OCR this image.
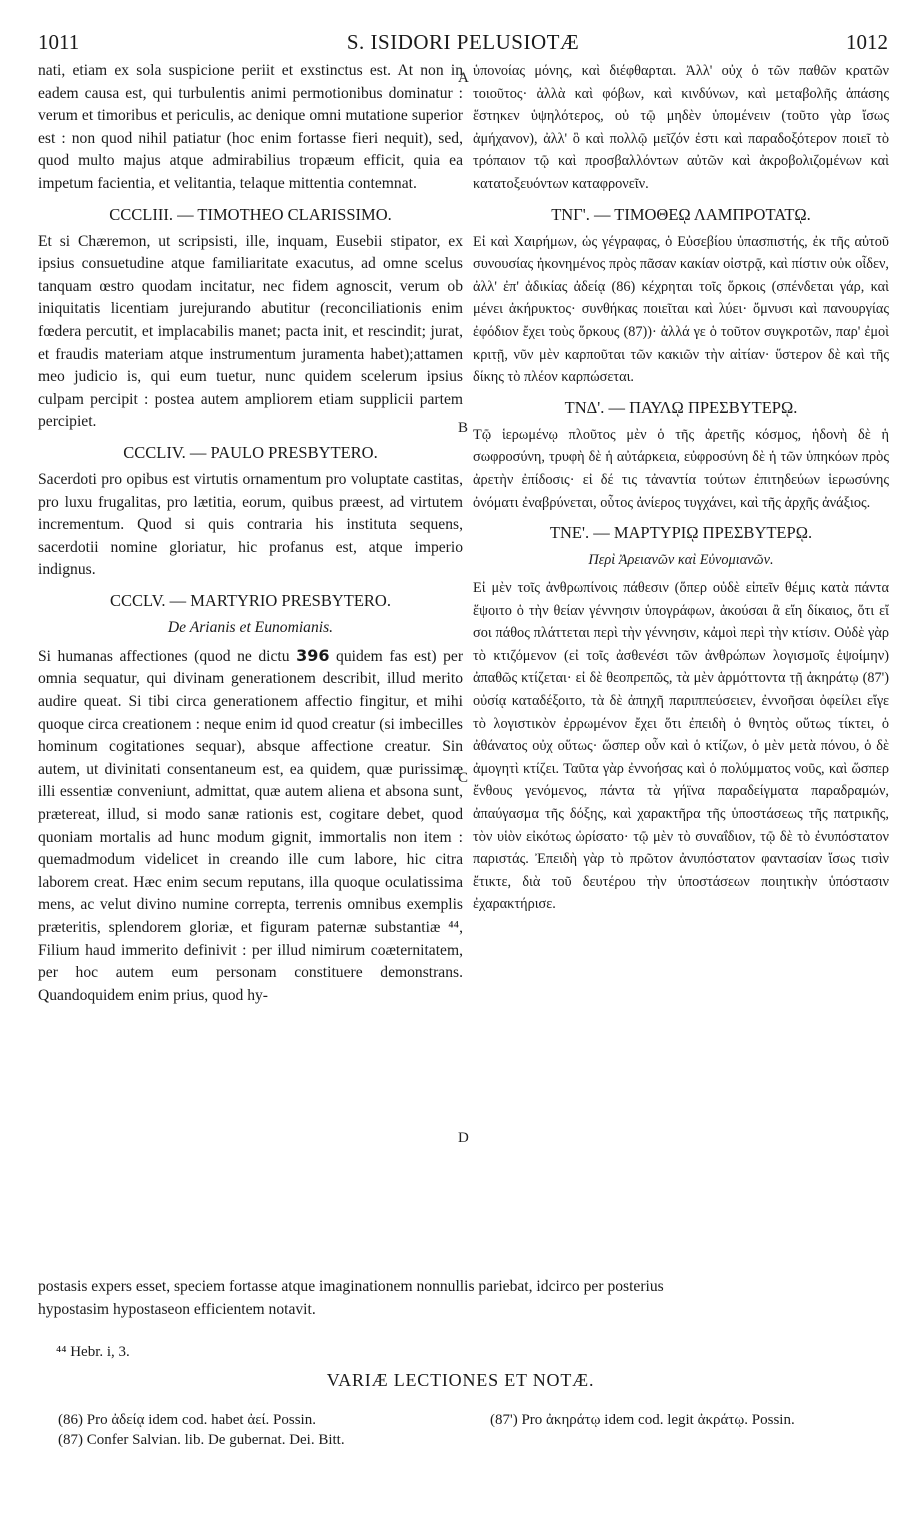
1011	S. ISIDORI PELUSIOTÆ	1012

nati, etiam ex sola suspicione periit et exstinctus est. At non in eadem causa est, qui turbulentis animi permotionibus dominatur : verum et timoribus et periculis, ac denique omni mutatione superior est : non quod nihil patiatur (hoc enim fortasse fieri nequit), sed, quod multo majus atque admirabilius tropæum efficit, quia ea impetum facientia, et velitantia, telaque mittentia contemnat.

CCCLIII. — TIMOTHEO CLARISSIMO.

Et si Chæremon, ut scripsisti, ille, inquam, Eusebii stipator, ex ipsius consuetudine atque familiaritate exacutus, ad omne scelus tanquam œstro quodam incitatur, nec fidem agnoscit, verum ob iniquitatis licentiam jurejurando abutitur (reconciliationis enim fœdera percutit, et implacabilis manet; pacta init, et rescindit; jurat, et fraudis materiam atque instrumentum juramenta habet);attamen meo judicio is, qui eum tuetur, nunc quidem scelerum ipsius culpam percipit : postea autem ampliorem etiam supplicii partem percipiet.

CCCLIV. — PAULO PRESBYTERO.

Sacerdoti pro opibus est virtutis ornamentum pro voluptate castitas, pro luxu frugalitas, pro lætitia, eorum, quibus præest, ad virtutem incrementum. Quod si quis contraria his instituta sequens, sacerdotii nomine gloriatur, hic profanus est, atque imperio indignus.

CCCLV. — MARTYRIO PRESBYTERO.

De Arianis et Eunomianis.

Si humanas affectiones (quod ne dictu 396 quidem fas est) per omnia sequatur, qui divinam generationem describit, illud merito audire queat. Si tibi circa generationem affectio fingitur, et mihi quoque circa creationem : neque enim id quod creatur (si imbecilles hominum cogitationes sequar), absque affectione creatur. Sin autem, ut divinitati consentaneum est, ea quidem, quæ purissimæ illi essentiæ conveniunt, admittat, quæ autem aliena et absona sunt, prætereat, illud, si modo sanæ rationis est, cogitare debet, quod quoniam mortalis ad hunc modum gignit, immortalis non item : quemadmodum videlicet in creando ille cum labore, hic citra laborem creat. Hæc enim secum reputans, illa quoque oculatissima mens, ac velut divino numine correpta, terrenis omnibus exemplis præteritis, splendorem gloriæ, et figuram paternæ substantiæ ⁴⁴, Filium haud immerito definivit : per illud nimirum coæternitatem, per hoc autem eum personam constituere demonstrans. Quandoquidem enim prius, quod hy-

ὑπονοίας μόνης, καὶ διέφθαρται. Ἀλλ' οὐχ ὁ τῶν παθῶν κρατῶν τοιοῦτος· ἀλλὰ καὶ φόβων, καὶ κινδύνων, καὶ μεταβολῆς ἁπάσης ἕστηκεν ὑψηλότερος, οὐ τῷ μηδὲν ὑπομένειν (τοῦτο γὰρ ἴσως ἀμήχανον), ἀλλ' ὃ καὶ πολλῷ μεῖζόν ἐστι καὶ παραδοξότερον ποιεῖ τὸ τρόπαιον τῷ καὶ προσβαλλόντων αὐτῶν καὶ ἀκροβολιζομένων καὶ κατατοξευόντων καταφρονεῖν.

ΤΝΓ'. — ΤΙΜΟΘΕῼ ΛΑΜΠΡΟΤΑΤῼ.

Εἰ καὶ Χαιρήμων, ὡς γέγραφας, ὁ Εὐσεβίου ὑπασπιστής, ἐκ τῆς αὐτοῦ συνουσίας ἠκονημένος πρὸς πᾶσαν κακίαν οἰστρᾷ, καὶ πίστιν οὐκ οἶδεν, ἀλλ' ἐπ' ἀδικίας ἀδείᾳ (86) κέχρηται τοῖς ὅρκοις (σπένδεται γάρ, καὶ μένει ἀκήρυκτος· συνθήκας ποιεῖται καὶ λύει· ὄμνυσι καὶ πανουργίας ἐφόδιον ἔχει τοὺς ὅρκους (87))· ἀλλά γε ὁ τοῦτον συγκροτῶν, παρ' ἐμοὶ κριτῇ, νῦν μὲν καρποῦται τῶν κακιῶν τὴν αἰτίαν· ὕστερον δὲ καὶ τῆς δίκης τὸ πλέον καρπώσεται.

ΤΝΔ'. — ΠΑΥΛῼ ΠΡΕΣΒΥΤΕΡῼ.

Τῷ ἱερωμένῳ πλοῦτος μὲν ὁ τῆς ἀρετῆς κόσμος, ἡδονὴ δὲ ἡ σωφροσύνη, τρυφὴ δὲ ἡ αὐτάρκεια, εὐφροσύνη δὲ ἡ τῶν ὑπηκόων πρὸς ἀρετὴν ἐπίδοσις· εἰ δέ τις τἀναντία τούτων ἐπιτηδεύων ἱερωσύνης ὀνόματι ἐναβρύνεται, οὗτος ἀνίερος τυγχάνει, καὶ τῆς ἀρχῆς ἀνάξιος.

ΤΝΕ'. — ΜΑΡΤΥΡΙῼ ΠΡΕΣΒΥΤΕΡῼ.

Περὶ Ἀρειανῶν καὶ Εὐνομιανῶν.

Εἰ μὲν τοῖς ἀνθρωπίνοις πάθεσιν (ὅπερ οὐδὲ εἰπεῖν θέμις κατὰ πάντα ἕψοιτο ὁ τὴν θείαν γέννησιν ὑπογράφων, ἀκούσαι ἂ εἴη δίκαιος, ὅτι εἴ σοι πάθος πλάττεται περὶ τὴν γέννησιν, κἀμοὶ περὶ τὴν κτίσιν. Οὐδὲ γὰρ τὸ κτιζόμενον (εἰ τοῖς ἀσθενέσι τῶν ἀνθρώπων λογισμοῖς ἑψοίμην) ἀπαθῶς κτίζεται· εἰ δὲ θεοπρεπῶς, τὰ μὲν ἁρμόττοντα τῇ ἀκηράτῳ (87') οὐσίᾳ καταδέξοιτο, τὰ δὲ ἀπηχῆ παριππεύσειεν, ἐννοῆσαι ὀφείλει εἴγε τὸ λογιστικὸν ἐρρωμένον ἔχει ὅτι ἐπειδὴ ὁ θνητὸς οὕτως τίκτει, ὁ ἀθάνατος οὐχ οὕτως· ὥσπερ οὖν καὶ ὁ κτίζων, ὁ μὲν μετὰ πόνου, ὁ δὲ ἀμογητὶ κτίζει. Ταῦτα γὰρ ἐννοήσας καὶ ὁ πολύμματος νοῦς, καὶ ὥσπερ ἔνθους γενόμενος, πάντα τὰ γήϊνα παραδείγματα παραδραμών, ἀπαύγασμα τῆς δόξης, καὶ χαρακτῆρα τῆς ὑποστάσεως τῆς πατρικῆς, τὸν υἱὸν εἰκότως ὡρίσατο· τῷ μὲν τὸ συναΐδιον, τῷ δὲ τὸ ἐνυπόστατον παριστάς. Ἐπειδὴ γὰρ τὸ πρῶτον ἀνυπόστατον φαντασίαν ἴσως τισὶν ἔτικτε, διὰ τοῦ δευτέρου τὴν ὑποστάσεων ποιητικὴν ὑπόστασιν ἐχαρακτήρισε.

A
B
C
D
postasis expers esset, speciem fortasse atque imaginationem nonnullis pariebat, idcirco per posterius
hypostasim hypostaseon efficientem notavit.
⁴⁴ Hebr. i, 3.
VARIÆ LECTIONES ET NOTÆ.
(86) Pro ἀδείᾳ idem cod. habet ἀεί. Possin.
(87) Confer Salvian. lib. De gubernat. Dei. Bitt.
(87') Pro ἀκηράτῳ idem cod. legit ἀκράτῳ. Possin.
